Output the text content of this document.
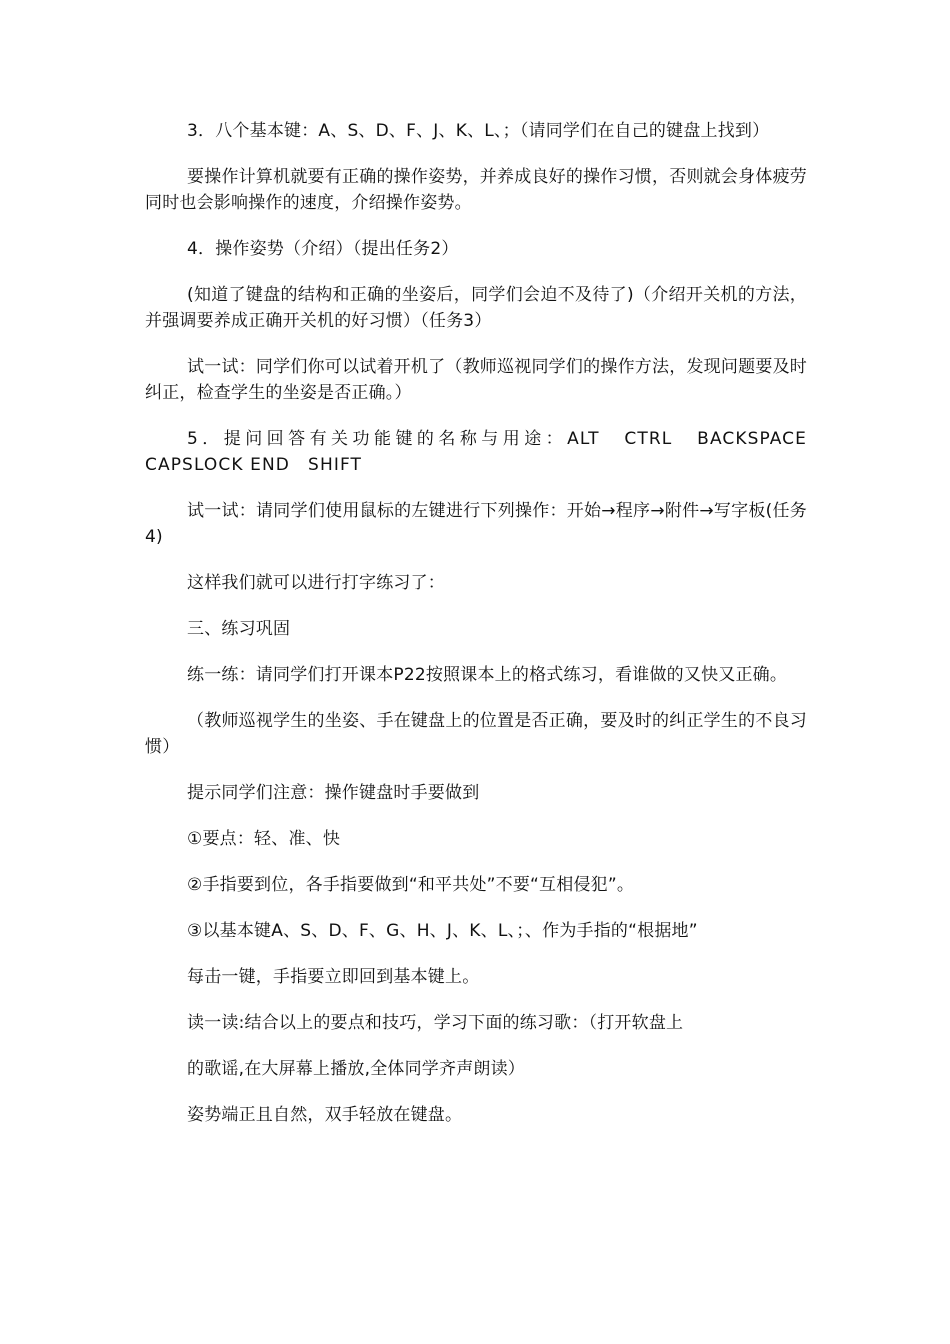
3．八个基本键：A、S、D、F、J、K、L、；（请同学们在自己的键盘上找到）

要操作计算机就要有正确的操作姿势，并养成良好的操作习惯，否则就会身体疲劳同时也会影响操作的速度，介绍操作姿势。

4．操作姿势（介绍）（提出任务2）

(知道了键盘的结构和正确的坐姿后，同学们会迫不及待了)（介绍开关机的方法，并强调要养成正确开关机的好习惯）（任务3）

试一试：同学们你可以试着开机了（教师巡视同学们的操作方法，发现问题要及时纠正，检查学生的坐姿是否正确。）

5．提问回答有关功能键的名称与用途：ALT　CTRL　BACKSPACE　CAPSLOCK END　SHIFT

试一试：请同学们使用鼠标的左键进行下列操作：开始→程序→附件→写字板(任务4)

这样我们就可以进行打字练习了：

三、练习巩固

练一练：请同学们打开课本P22按照课本上的格式练习，看谁做的又快又正确。

（教师巡视学生的坐姿、手在键盘上的位置是否正确，要及时的纠正学生的不良习惯）

提示同学们注意：操作键盘时手要做到

①要点：轻、准、快

②手指要到位，各手指要做到“和平共处”不要“互相侵犯”。

③以基本键A、S、D、F、G、H、J、K、L、；、作为手指的“根据地”

每击一键，手指要立即回到基本键上。

读一读:结合以上的要点和技巧，学习下面的练习歌：（打开软盘上

的歌谣,在大屏幕上播放,全体同学齐声朗读）

姿势端正且自然，双手轻放在键盘。
